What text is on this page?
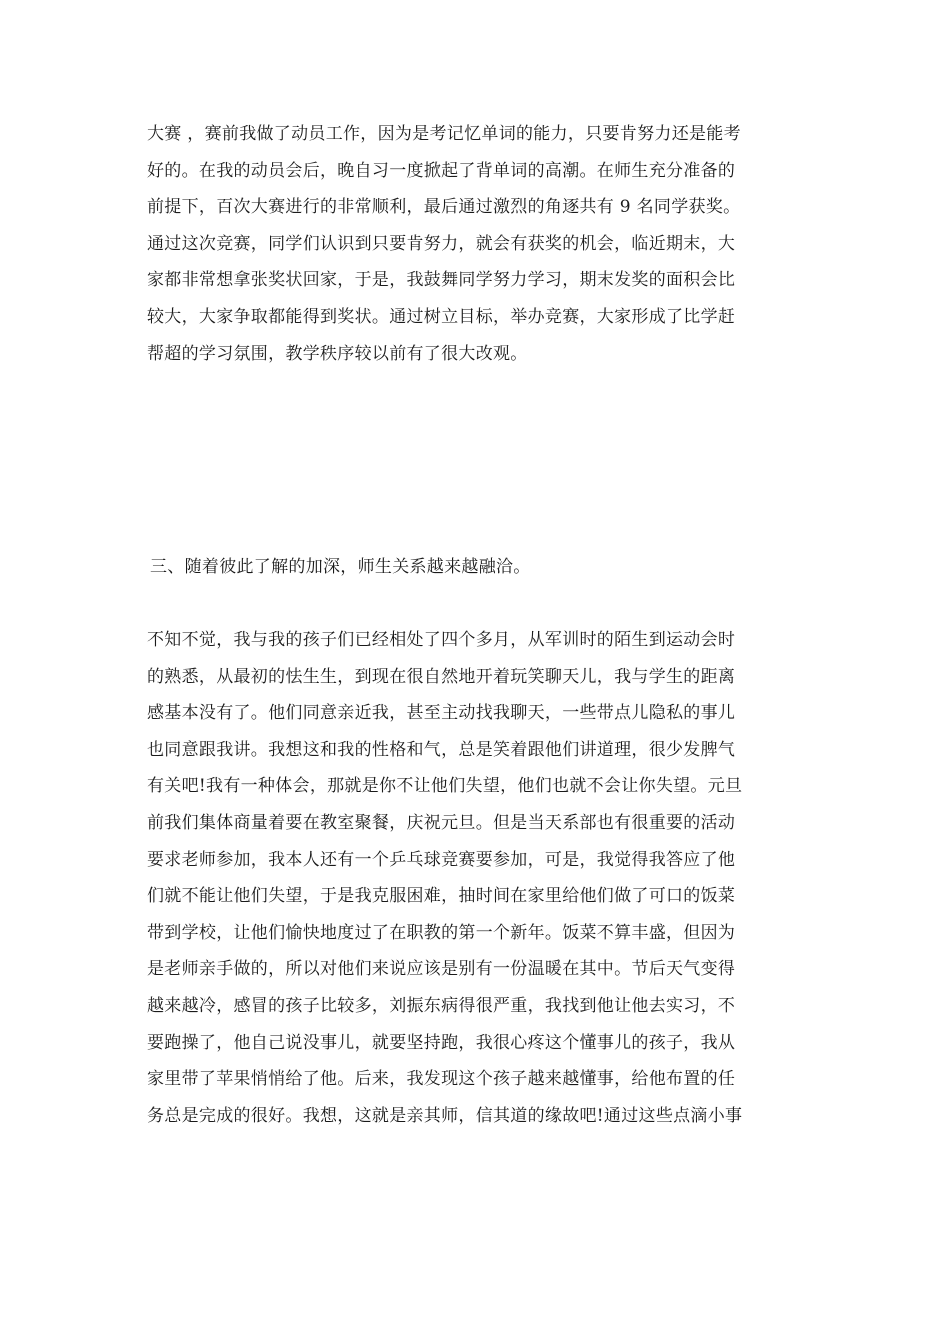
大赛 ，赛前我做了动员工作，因为是考记忆单词的能力，只要肯努力还是能考
好的。在我的动员会后，晚自习一度掀起了背单词的高潮。在师生充分准备的
前提下，百次大赛进行的非常顺利，最后通过激烈的角逐共有 9 名同学获奖。
通过这次竞赛，同学们认识到只要肯努力，就会有获奖的机会，临近期末，大
家都非常想拿张奖状回家，于是，我鼓舞同学努力学习，期末发奖的面积会比
较大，大家争取都能得到奖状。通过树立目标，举办竞赛，大家形成了比学赶
帮超的学习氛围，教学秩序较以前有了很大改观。
三、随着彼此了解的加深，师生关系越来越融洽。
不知不觉，我与我的孩子们已经相处了四个多月，从军训时的陌生到运动会时
的熟悉，从最初的怯生生，到现在很自然地开着玩笑聊天儿，我与学生的距离
感基本没有了。他们同意亲近我，甚至主动找我聊天，一些带点儿隐私的事儿
也同意跟我讲。我想这和我的性格和气，总是笑着跟他们讲道理，很少发脾气
有关吧!我有一种体会，那就是你不让他们失望，他们也就不会让你失望。元旦
前我们集体商量着要在教室聚餐，庆祝元旦。但是当天系部也有很重要的活动
要求老师参加，我本人还有一个乒乓球竞赛要参加，可是，我觉得我答应了他
们就不能让他们失望，于是我克服困难，抽时间在家里给他们做了可口的饭菜
带到学校，让他们愉快地度过了在职教的第一个新年。饭菜不算丰盛，但因为
是老师亲手做的，所以对他们来说应该是别有一份温暖在其中。节后天气变得
越来越冷，感冒的孩子比较多，刘振东病得很严重，我找到他让他去实习，不
要跑操了，他自己说没事儿，就要坚持跑，我很心疼这个懂事儿的孩子，我从
家里带了苹果悄悄给了他。后来，我发现这个孩子越来越懂事，给他布置的任
务总是完成的很好。我想，这就是亲其师，信其道的缘故吧!通过这些点滴小事
